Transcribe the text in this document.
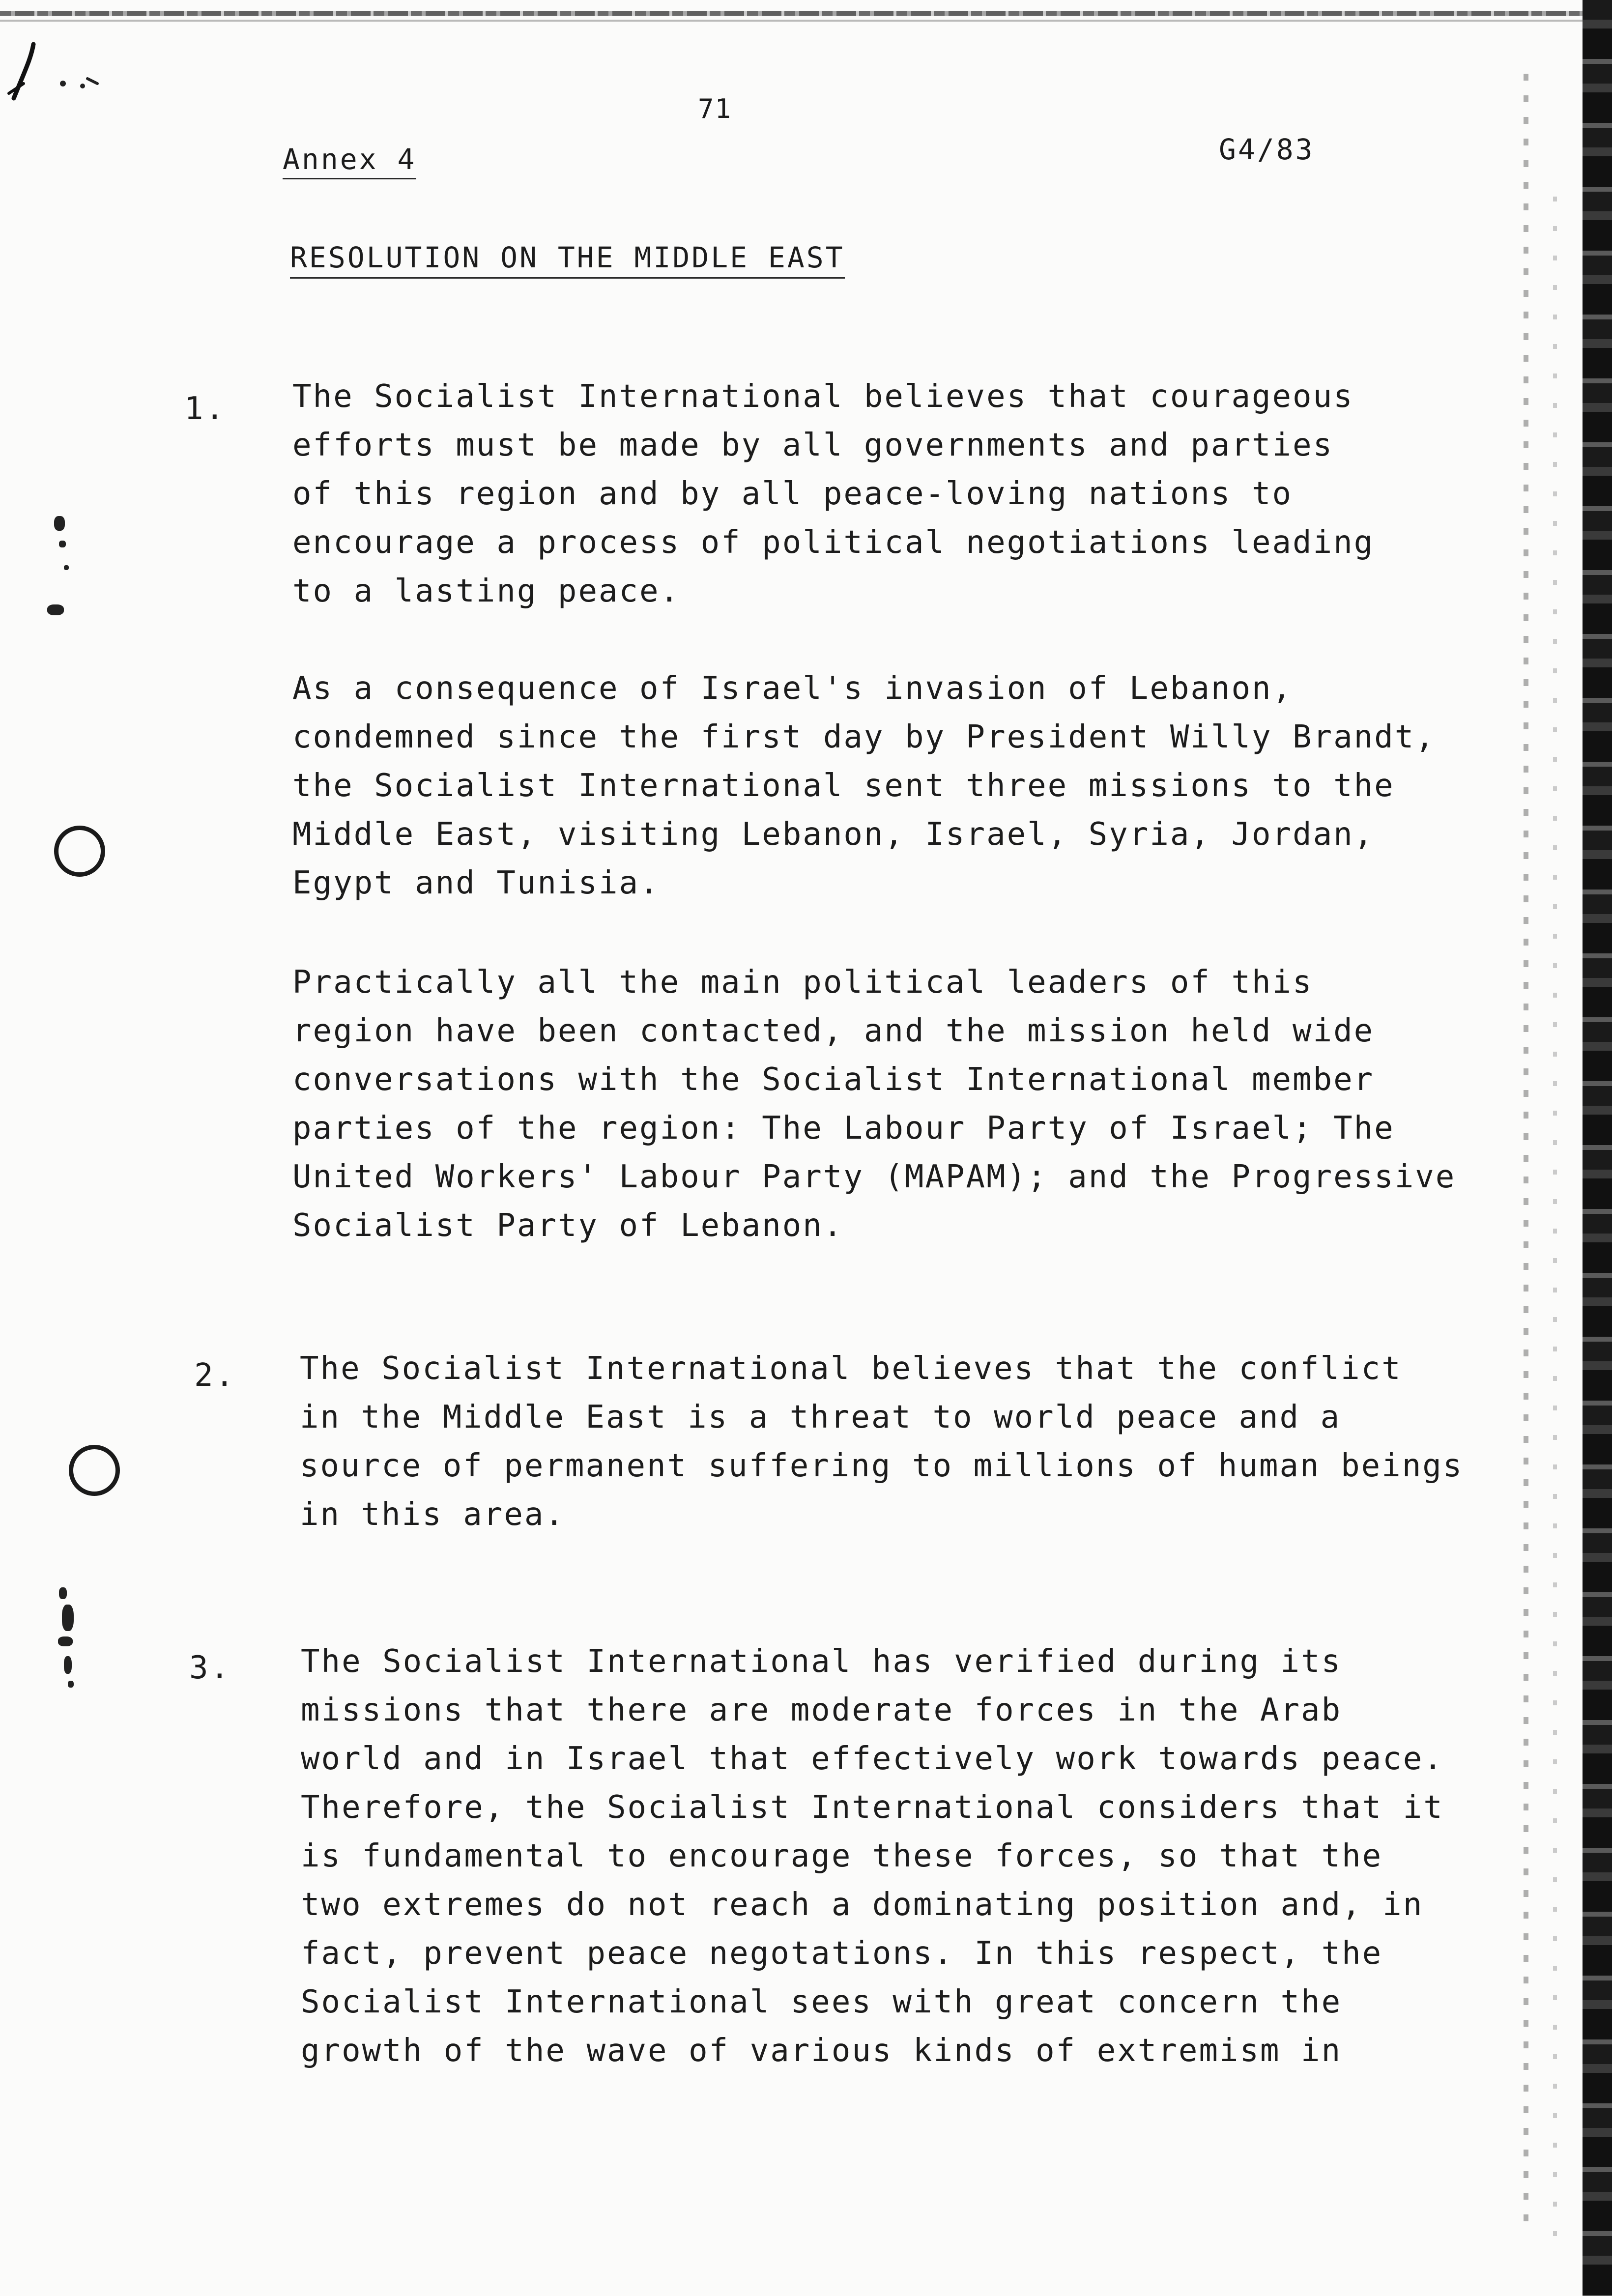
71
Annex 4	G4/83
RESOLUTION ON THE MIDDLE EAST
1. The Socialist International believes that courageous
efforts must be made by all governments and parties
of this region and by all peace-loving nations to
encourage a process of political negotiations leading
to a lasting peace.

As a consequence of Israel's invasion of Lebanon,
condemned since the first day by President Willy Brandt,
the Socialist International sent three missions to the
Middle East, visiting Lebanon, Israel, Syria, Jordan,
Egypt and Tunisia.

Practically all the main political leaders of this
region have been contacted, and the mission held wide
conversations with the Socialist International member
parties of the region: The Labour Party of Israel; The
United Workers' Labour Party (MAPAM); and the Progressive
Socialist Party of Lebanon.

2. The Socialist International believes that the conflict
in the Middle East is a threat to world peace and a
source of permanent suffering to millions of human beings
in this area.

3. The Socialist International has verified during its
missions that there are moderate forces in the Arab
world and in Israel that effectively work towards peace.
Therefore, the Socialist International considers that it
is fundamental to encourage these forces, so that the
two extremes do not reach a dominating position and, in
fact, prevent peace negotations. In this respect, the
Socialist International sees with great concern the
growth of the wave of various kinds of extremism in
